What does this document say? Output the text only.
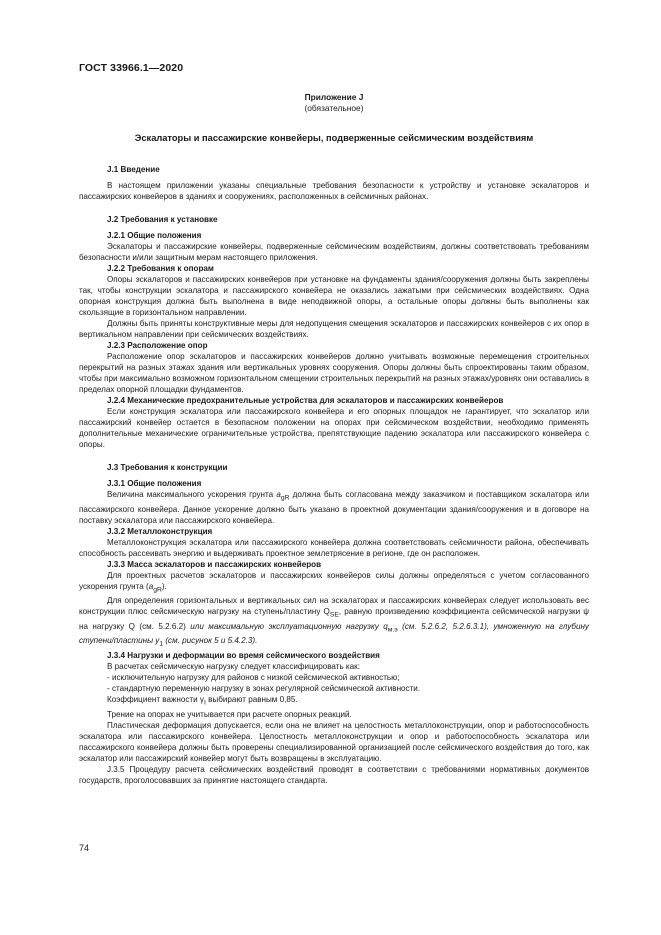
ГОСТ 33966.1—2020
Приложение J
(обязательное)
Эскалаторы и пассажирские конвейеры, подверженные сейсмическим воздействиям
J.1 Введение

В настоящем приложении указаны специальные требования безопасности к устройству и установке эскалаторов и пассажирских конвейеров в зданиях и сооружениях, расположенных в сейсмичных районах.

J.2 Требования к установке
J.2.1 Общие положения

Эскалаторы и пассажирские конвейеры, подверженные сейсмическим воздействиям, должны соответствовать требованиям безопасности и/или защитным мерам настоящего приложения.

J.2.2 Требования к опорам

Опоры эскалаторов и пассажирских конвейеров при установке на фундаменты здания/сооружения должны быть закреплены так, чтобы конструкции эскалатора и пассажирского конвейера не оказались зажатыми при сейсмических воздействиях. Одна опорная конструкция должна быть выполнена в виде неподвижной опоры, а остальные опоры должны быть выполнены как скользящие в горизонтальном направлении.

Должны быть приняты конструктивные меры для недопущения смещения эскалаторов и пассажирских конвейеров с их опор в вертикальном направлении при сейсмических воздействиях.

J.2.3 Расположение опор

Расположение опор эскалаторов и пассажирских конвейеров должно учитывать возможные перемещения строительных перекрытий на разных этажах здания или вертикальных уровнях сооружения. Опоры должны быть спроектированы таким образом, чтобы при максимально возможном горизонтальном смещении строительных перекрытий на разных этажах/уровнях они оставались в пределах опорной площадки фундаментов.

J.2.4 Механические предохранительные устройства для эскалаторов и пассажирских конвейеров

Если конструкция эскалатора или пассажирского конвейера и его опорных площадок не гарантирует, что эскалатор или пассажирский конвейер остается в безопасном положении на опорах при сейсмическом воздействии, необходимо применять дополнительные механические ограничительные устройства, препятствующие падению эскалатора или пассажирского конвейера с опоры.

J.3 Требования к конструкции
J.3.1 Общие положения

Величина максимального ускорения грунта $a_{gR}$ должна быть согласована между заказчиком и поставщиком эскалатора или пассажирского конвейера. Данное ускорение должно быть указано в проектной документации здания/сооружения и в договоре на поставку эскалатора или пассажирского конвейера.

J.3.2 Металлоконструкция

Металлоконструкция эскалатора или пассажирского конвейера должна соответствовать сейсмичности района, обеспечивать способность рассеивать энергию и выдерживать проектное землетрясение в регионе, где он расположен.

J.3.3 Масса эскалаторов и пассажирских конвейеров

Для проектных расчетов эскалаторов и пассажирских конвейеров силы должны определяться с учетом согласованного ускорения грунта $(a_{gR})$.

Для определения горизонтальных и вертикальных сил на эскалаторах и пассажирских конвейерах следует использовать вес конструкции плюс сейсмическую нагрузку на ступень/пластину $Q_{SE}$, равную произведению коэффициента сейсмической нагрузки ψ на нагрузку Q (см. 5.2.6.2) или максимальную эксплуатационную нагрузку $q_{м.э}$ (см. 5.2.6.2, 5.2.6.3.1), умноженную на глубину ступени/пластины $y_1$ (см. рисунок 5 и 5.4.2.3).

J.3.4 Нагрузки и деформации во время сейсмического воздействия

В расчетах сейсмическую нагрузку следует классифицировать как:

- исключительную нагрузку для районов с низкой сейсмической активностью;

- стандартную переменную нагрузку в зонах регулярной сейсмической активности.

Коэффициент важности $\gamma_I$ выбирают равным 0,85.

Трение на опорах не учитывается при расчете опорных реакций.

Пластическая деформация допускается, если она не влияет на целостность металлоконструкции, опор и работоспособность эскалатора или пассажирского конвейера. Целостность металлоконструкции и опор и работоспособность эскалатора или пассажирского конвейера должны быть проверены специализированной организацией после сейсмического воздействия до того, как эскалатор или пассажирский конвейер могут быть возвращены в эксплуатацию.

J.3.5 Процедуру расчета сейсмических воздействий проводят в соответствии с требованиями нормативных документов государств, проголосовавших за принятие настоящего стандарта.

74
